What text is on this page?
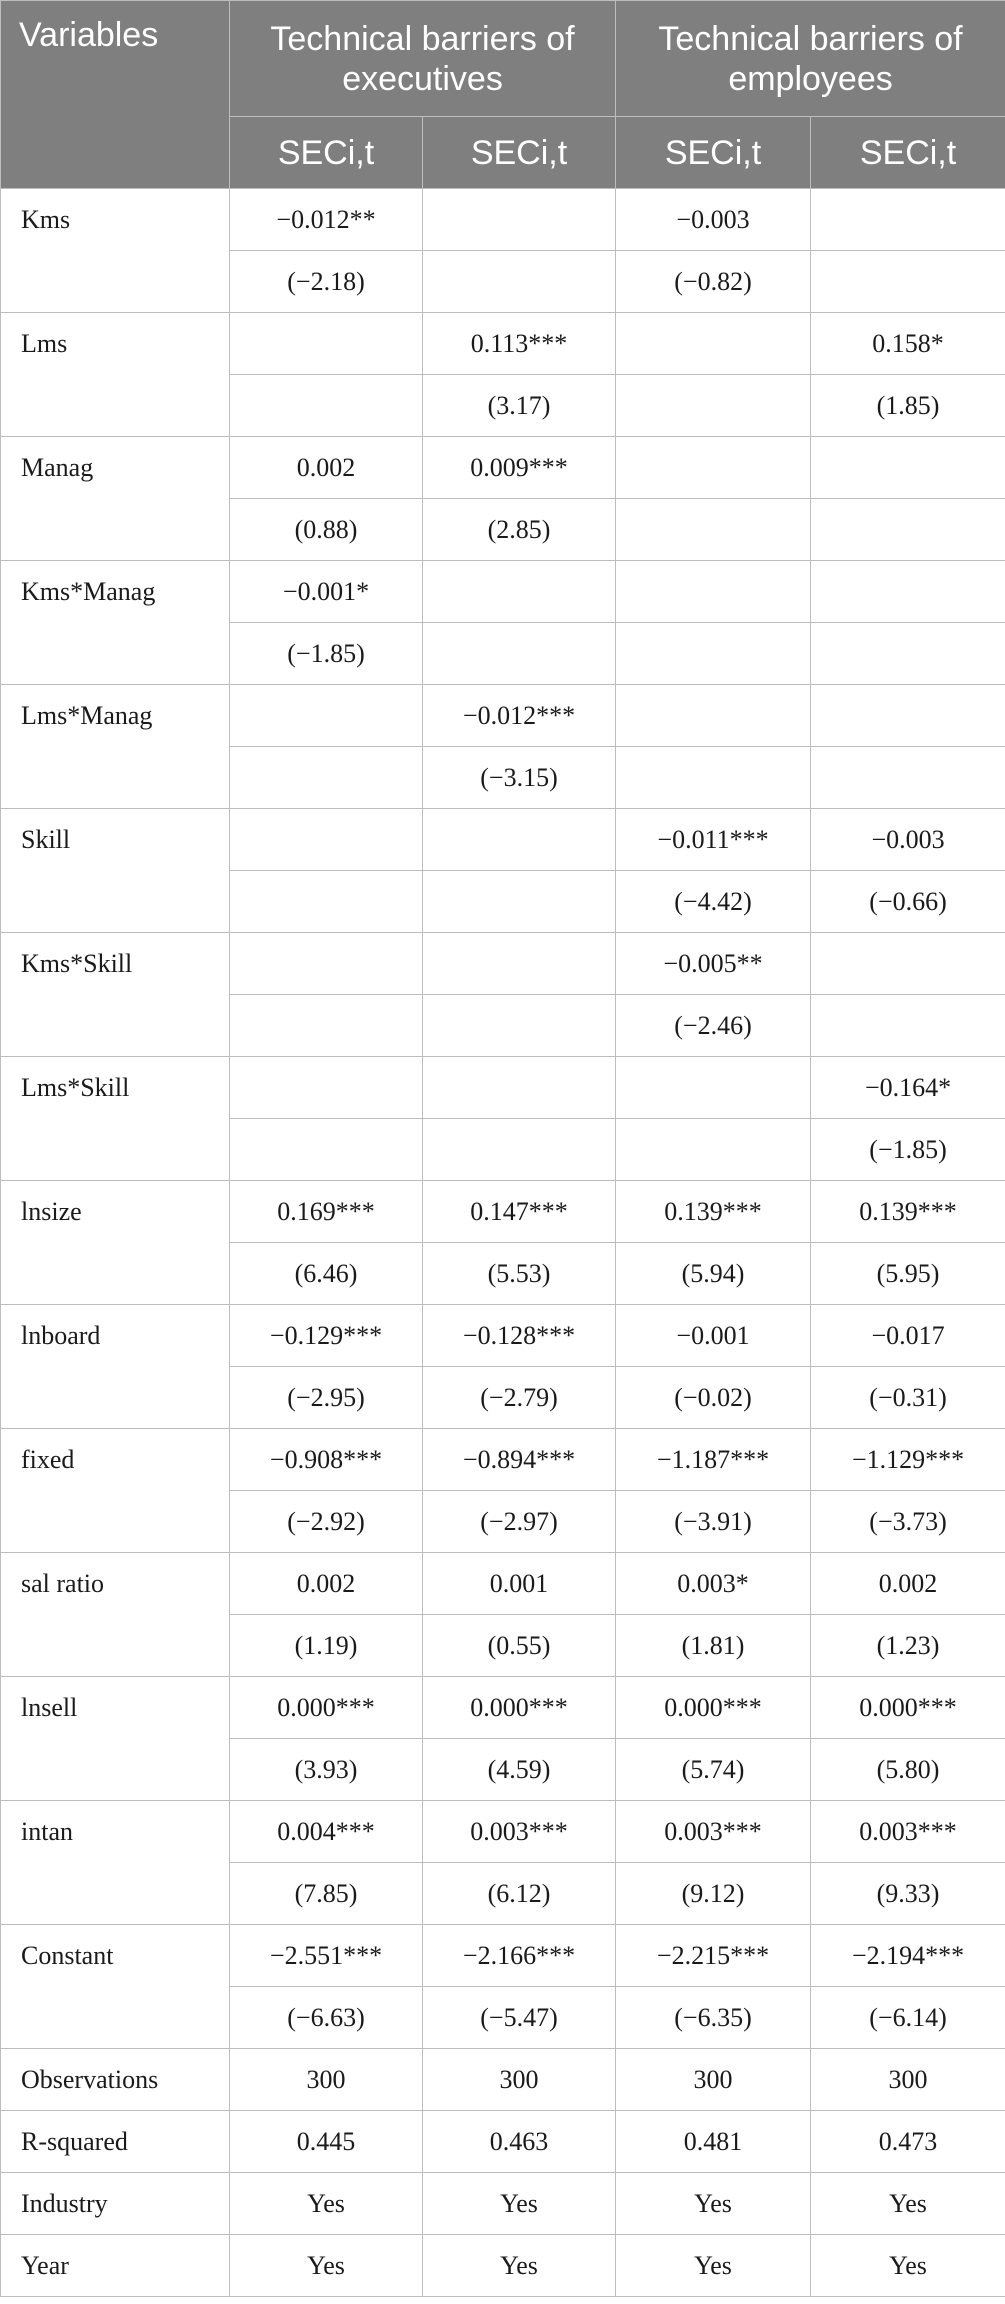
Variables	Technical barriers of executives		Technical barriers of employees	
	SECi,t	SECi,t	SECi,t	SECi,t
Kms	−0.012**		−0.003	
	(−2.18)		(−0.82)	
Lms		0.113***		0.158*
		(3.17)		(1.85)
Manag	0.002	0.009***		
	(0.88)	(2.85)		
Kms*Manag	−0.001*			
	(−1.85)			
Lms*Manag		−0.012***		
		(−3.15)		
Skill			−0.011***	−0.003
			(−4.42)	(−0.66)
Kms*Skill			−0.005**	
			(−2.46)	
Lms*Skill				−0.164*
				(−1.85)
lnsize	0.169***	0.147***	0.139***	0.139***
	(6.46)	(5.53)	(5.94)	(5.95)
lnboard	−0.129***	−0.128***	−0.001	−0.017
	(−2.95)	(−2.79)	(−0.02)	(−0.31)
fixed	−0.908***	−0.894***	−1.187***	−1.129***
	(−2.92)	(−2.97)	(−3.91)	(−3.73)
sal ratio	0.002	0.001	0.003*	0.002
	(1.19)	(0.55)	(1.81)	(1.23)
lnsell	0.000***	0.000***	0.000***	0.000***
	(3.93)	(4.59)	(5.74)	(5.80)
intan	0.004***	0.003***	0.003***	0.003***
	(7.85)	(6.12)	(9.12)	(9.33)
Constant	−2.551***	−2.166***	−2.215***	−2.194***
	(−6.63)	(−5.47)	(−6.35)	(−6.14)
Observations	300	300	300	300
R-squared	0.445	0.463	0.481	0.473
Industry	Yes	Yes	Yes	Yes
Year	Yes	Yes	Yes	Yes
